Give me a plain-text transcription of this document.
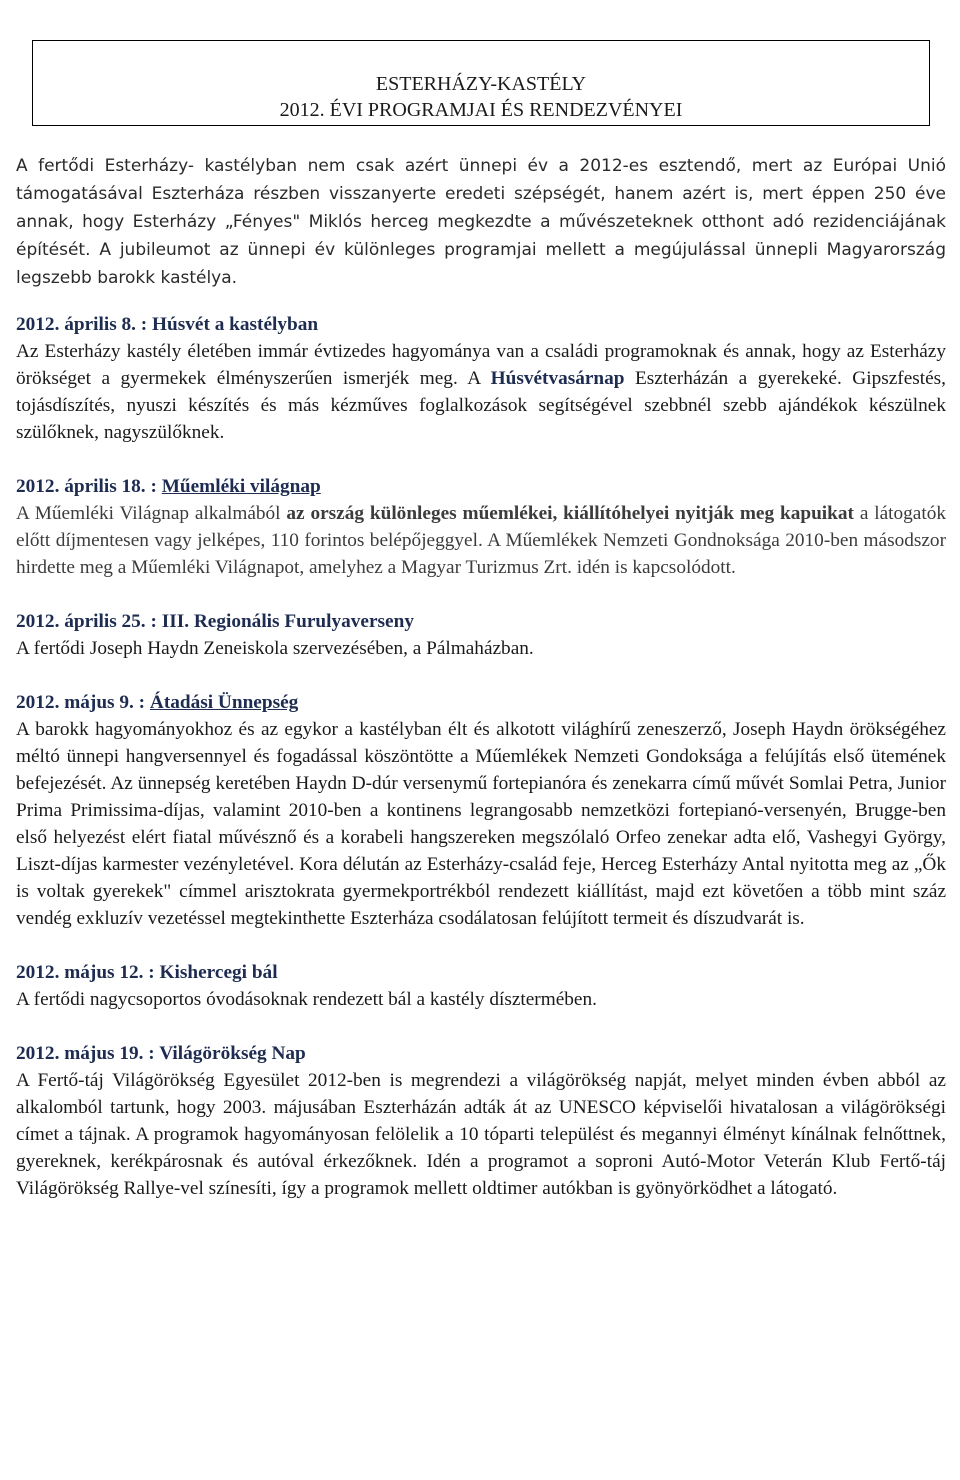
ESTERHÁZY-KASTÉLY
2012. ÉVI PROGRAMJAI ÉS RENDEZVÉNYEI

A fertődi Esterházy- kastélyban nem csak azért ünnepi év a 2012-es esztendő, mert az Európai Unió támogatásával Eszterháza részben visszanyerte eredeti szépségét, hanem azért is, mert éppen 250 éve annak, hogy Esterházy „Fényes" Miklós herceg megkezdte a művészeteknek otthont adó rezidenciájának építését. A jubileumot az ünnepi év különleges programjai mellett a megújulással ünnepli Magyarország legszebb barokk kastélya.

2012. április 8. : Húsvét a kastélyban

Az Esterházy kastély életében immár évtizedes hagyománya van a családi programoknak és annak, hogy az Esterházy örökséget a gyermekek élményszerűen ismerjék meg. A Húsvétvasárnap Eszterházán a gyerekeké. Gipszfestés, tojásdíszítés, nyuszi készítés és más kézműves foglalkozások segítségével szebbnél szebb ajándékok készülnek szülőknek, nagyszülőknek.

2012. április 18. : Műemléki világnap

A Műemléki Világnap alkalmából az ország különleges műemlékei, kiállítóhelyei nyitják meg kapuikat a látogatók előtt díjmentesen vagy jelképes, 110 forintos belépőjeggyel. A Műemlékek Nemzeti Gondnoksága 2010-ben másodszor hirdette meg a Műemléki Világnapot, amelyhez a Magyar Turizmus Zrt. idén is kapcsolódott.

2012. április 25. : III. Regionális Furulyaverseny

A fertődi Joseph Haydn Zeneiskola szervezésében, a Pálmaházban.

2012. május 9. : Átadási Ünnepség

A barokk hagyományokhoz és az egykor a kastélyban élt és alkotott világhírű zeneszerző, Joseph Haydn örökségéhez méltó ünnepi hangversennyel és fogadással köszöntötte a Műemlékek Nemzeti Gondoksága a felújítás első ütemének befejezését. Az ünnepség keretében Haydn D-dúr versenymű fortepianóra és zenekarra című művét Somlai Petra, Junior Prima Primissima-díjas, valamint 2010-ben a kontinens legrangosabb nemzetközi fortepianó-versenyén, Brugge-ben első helyezést elért fiatal művésznő és a korabeli hangszereken megszólaló Orfeo zenekar adta elő, Vashegyi György, Liszt-díjas karmester vezényletével. Kora délután az Esterházy-család feje, Herceg Esterházy Antal nyitotta meg az „Ők is voltak gyerekek" címmel arisztokrata gyermekportrékból rendezett kiállítást, majd ezt követően a több mint száz vendég exkluzív vezetéssel megtekinthette Eszterháza csodálatosan felújított termeit és díszudvarát is.

2012. május 12. : Kishercegi bál

A fertődi nagycsoportos óvodásoknak rendezett bál a kastély dísztermében.

2012. május 19. : Világörökség Nap

A Fertő-táj Világörökség Egyesület 2012-ben is megrendezi a világörökség napját, melyet minden évben abból az alkalomból tartunk, hogy 2003. májusában Eszterházán adták át az UNESCO képviselői hivatalosan a világörökségi címet a tájnak. A programok hagyományosan felölelik a 10 tóparti települést és megannyi élményt kínálnak felnőttnek, gyereknek, kerékpárosnak és autóval érkezőknek. Idén a programot a soproni Autó-Motor Veterán Klub Fertő-táj Világörökség Rallye-vel színesíti, így a programok mellett oldtimer autókban is gyönyörködhet a látogató.
